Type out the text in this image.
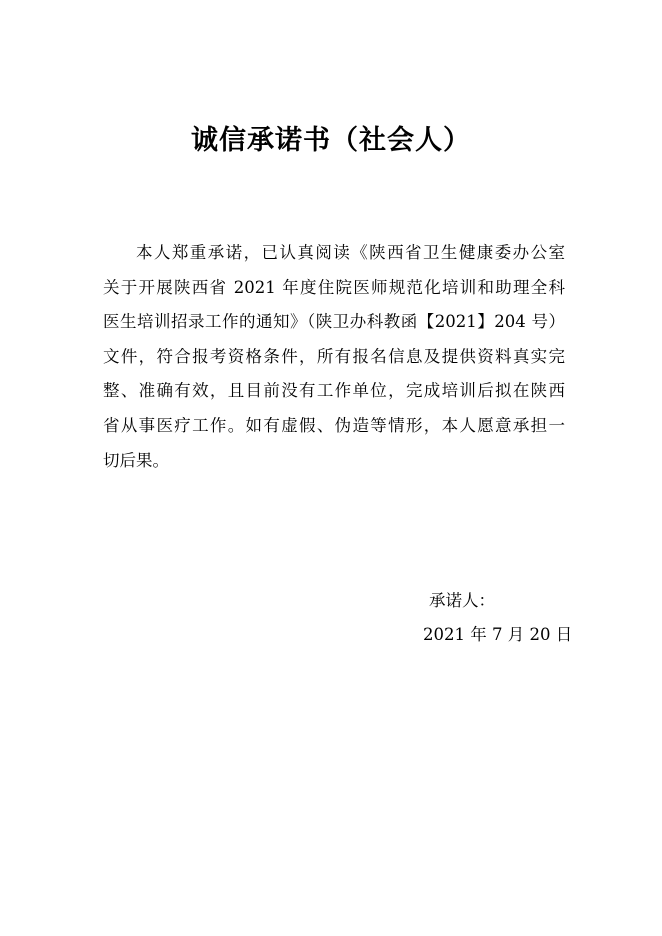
诚信承诺书（社会人）
本人郑重承诺，已认真阅读《陕西省卫生健康委办公室
关于开展陕西省 2021 年度住院医师规范化培训和助理全科
医生培训招录工作的通知》（陕卫办科教函【2021】204 号）
文件，符合报考资格条件，所有报名信息及提供资料真实完
整、准确有效，且目前没有工作单位，完成培训后拟在陕西
省从事医疗工作。如有虚假、伪造等情形，本人愿意承担一
切后果。
承诺人：
2021 年 7 月 20 日
